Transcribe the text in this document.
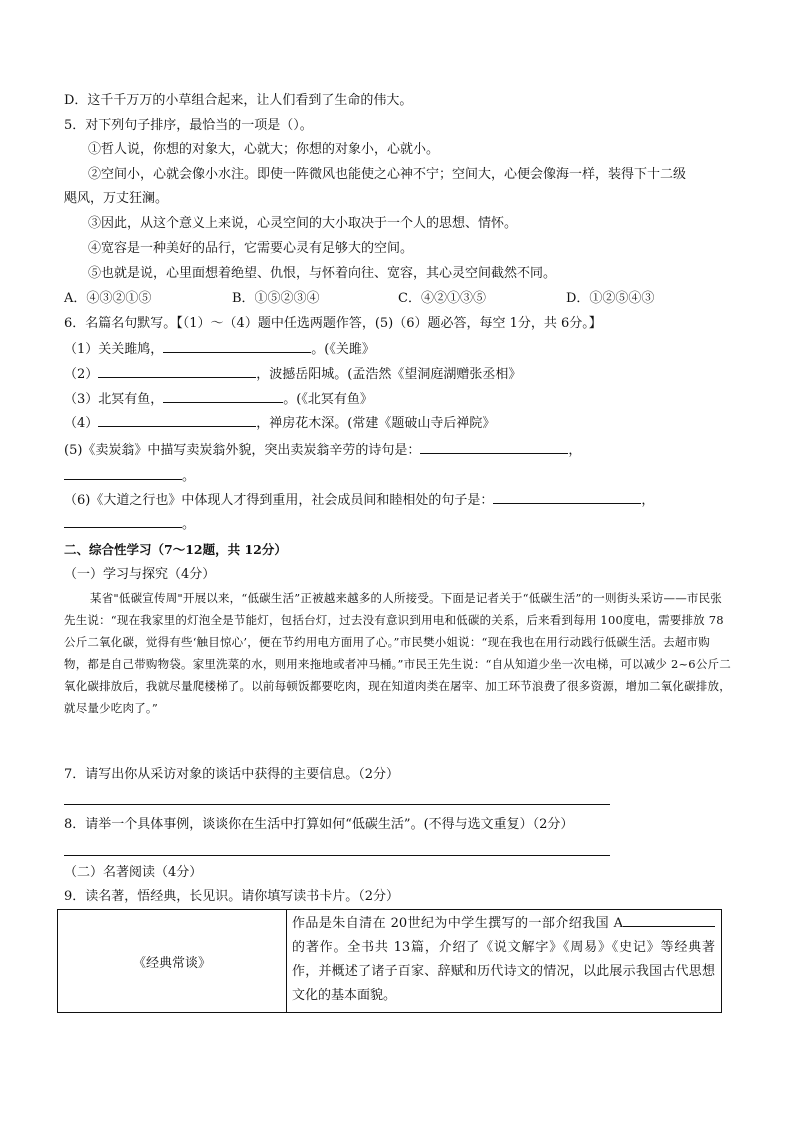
D．这千千万万的小草组合起来，让人们看到了生命的伟大。
5．对下列句子排序，最恰当的一项是（）。
①哲人说，你想的对象大，心就大；你想的对象小，心就小。
②空间小，心就会像小水注。即使一阵微风也能使之心神不宁；空间大，心便会像海一样，装得下十二级
飓风，万丈狂澜。
③因此，从这个意义上来说，心灵空间的大小取决于一个人的思想、情怀。
④宽容是一种美好的品行，它需要心灵有足够大的空间。
⑤也就是说，心里面想着绝望、仇恨，与怀着向往、宽容，其心灵空间截然不同。
A．④③②①⑤	B．①⑤②③④	C．④②①③⑤	D．①②⑤④③
6．名篇名句默写。【（1）～（4）题中任选两题作答，(5)（6）题必答，每空 1分，共 6分。】
（1）关关雎鸠，	。(《关雎》
（2）	，波撼岳阳城。(孟浩然《望洞庭湖赠张丞相》
（3）北冥有鱼，	。(《北冥有鱼》
（4）	，禅房花木深。(常建《题破山寺后禅院》
(5)《卖炭翁》中描写卖炭翁外貌，突出卖炭翁辛劳的诗句是：	，
。
（6)《大道之行也》中体现人才得到重用，社会成员间和睦相处的句子是：	，
。
二、综合性学习（7～12题，共 12分）
（一）学习与探究（4分）
某省"低碳宣传周"开展以来，“低碳生活”正被越来越多的人所接受。下面是记者关于“低碳生活”的一则街头采访——市民张先生说：“现在我家里的灯泡全是节能灯，包括台灯，过去没有意识到用电和低碳的关系，后来看到每用 100度电，需要排放 78公斤二氧化碳，觉得有些‘触目惊心’，便在节约用电方面用了心。”市民樊小姐说：“现在我也在用行动践行低碳生活。去超市购物，都是自己带购物袋。家里洗菜的水，则用来拖地或者冲马桶。”市民王先生说：“自从知道少坐一次电梯，可以减少 2~6公斤二氧化碳排放后，我就尽量爬楼梯了。以前每顿饭都要吃肉，现在知道肉类在屠宰、加工环节浪费了很多资源，增加二氧化碳排放，就尽量少吃肉了。”
7．请写出你从采访对象的谈话中获得的主要信息。（2分）
8．请举一个具体事例，谈谈你在生活中打算如何“低碳生活”。(不得与选文重复）（2分）
（二）名著阅读（4分）
9．读名著，悟经典，长见识。请你填写读书卡片。（2分）
《经典常谈》	作品是朱自清在 20世纪为中学生撰写的一部介绍我国 A的著作。全书共 13篇，介绍了《说文解字》《周易》《史记》等经典著作，并概述了诸子百家、辞赋和历代诗文的情况，以此展示我国古代思想文化的基本面貌。
